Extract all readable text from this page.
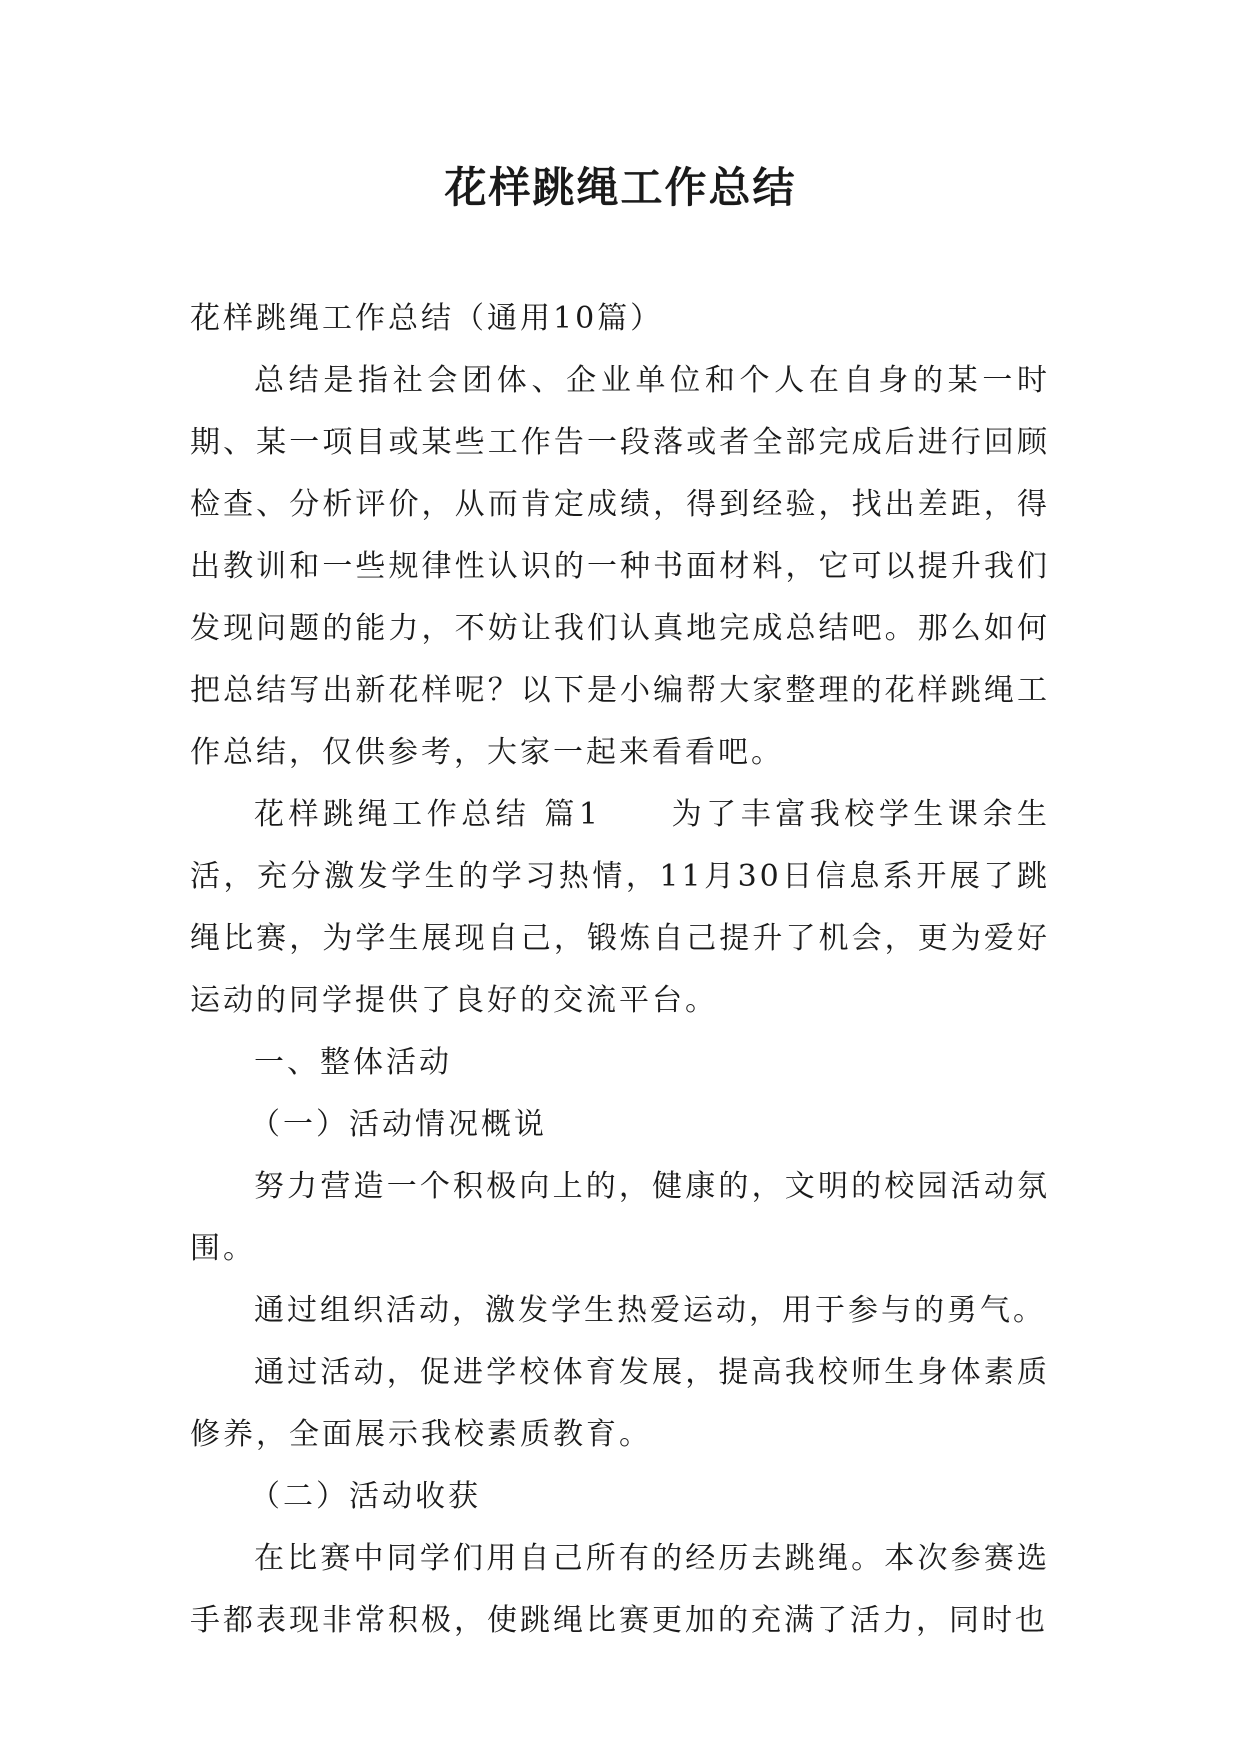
花样跳绳工作总结

花样跳绳工作总结（通用10篇）

总结是指社会团体、企业单位和个人在自身的某一时期、某一项目或某些工作告一段落或者全部完成后进行回顾检查、分析评价，从而肯定成绩，得到经验，找出差距，得出教训和一些规律性认识的一种书面材料，它可以提升我们发现问题的能力，不妨让我们认真地完成总结吧。那么如何把总结写出新花样呢？以下是小编帮大家整理的花样跳绳工作总结，仅供参考，大家一起来看看吧。

花样跳绳工作总结 篇1　　为了丰富我校学生课余生活，充分激发学生的学习热情，11月30日信息系开展了跳绳比赛，为学生展现自己，锻炼自己提升了机会，更为爱好运动的同学提供了良好的交流平台。

一、整体活动

（一）活动情况概说

努力营造一个积极向上的，健康的，文明的校园活动氛围。

通过组织活动，激发学生热爱运动，用于参与的勇气。

通过活动，促进学校体育发展，提高我校师生身体素质修养，全面展示我校素质教育。

（二）活动收获

在比赛中同学们用自己所有的经历去跳绳。本次参赛选手都表现非常积极，使跳绳比赛更加的充满了活力，同时也
